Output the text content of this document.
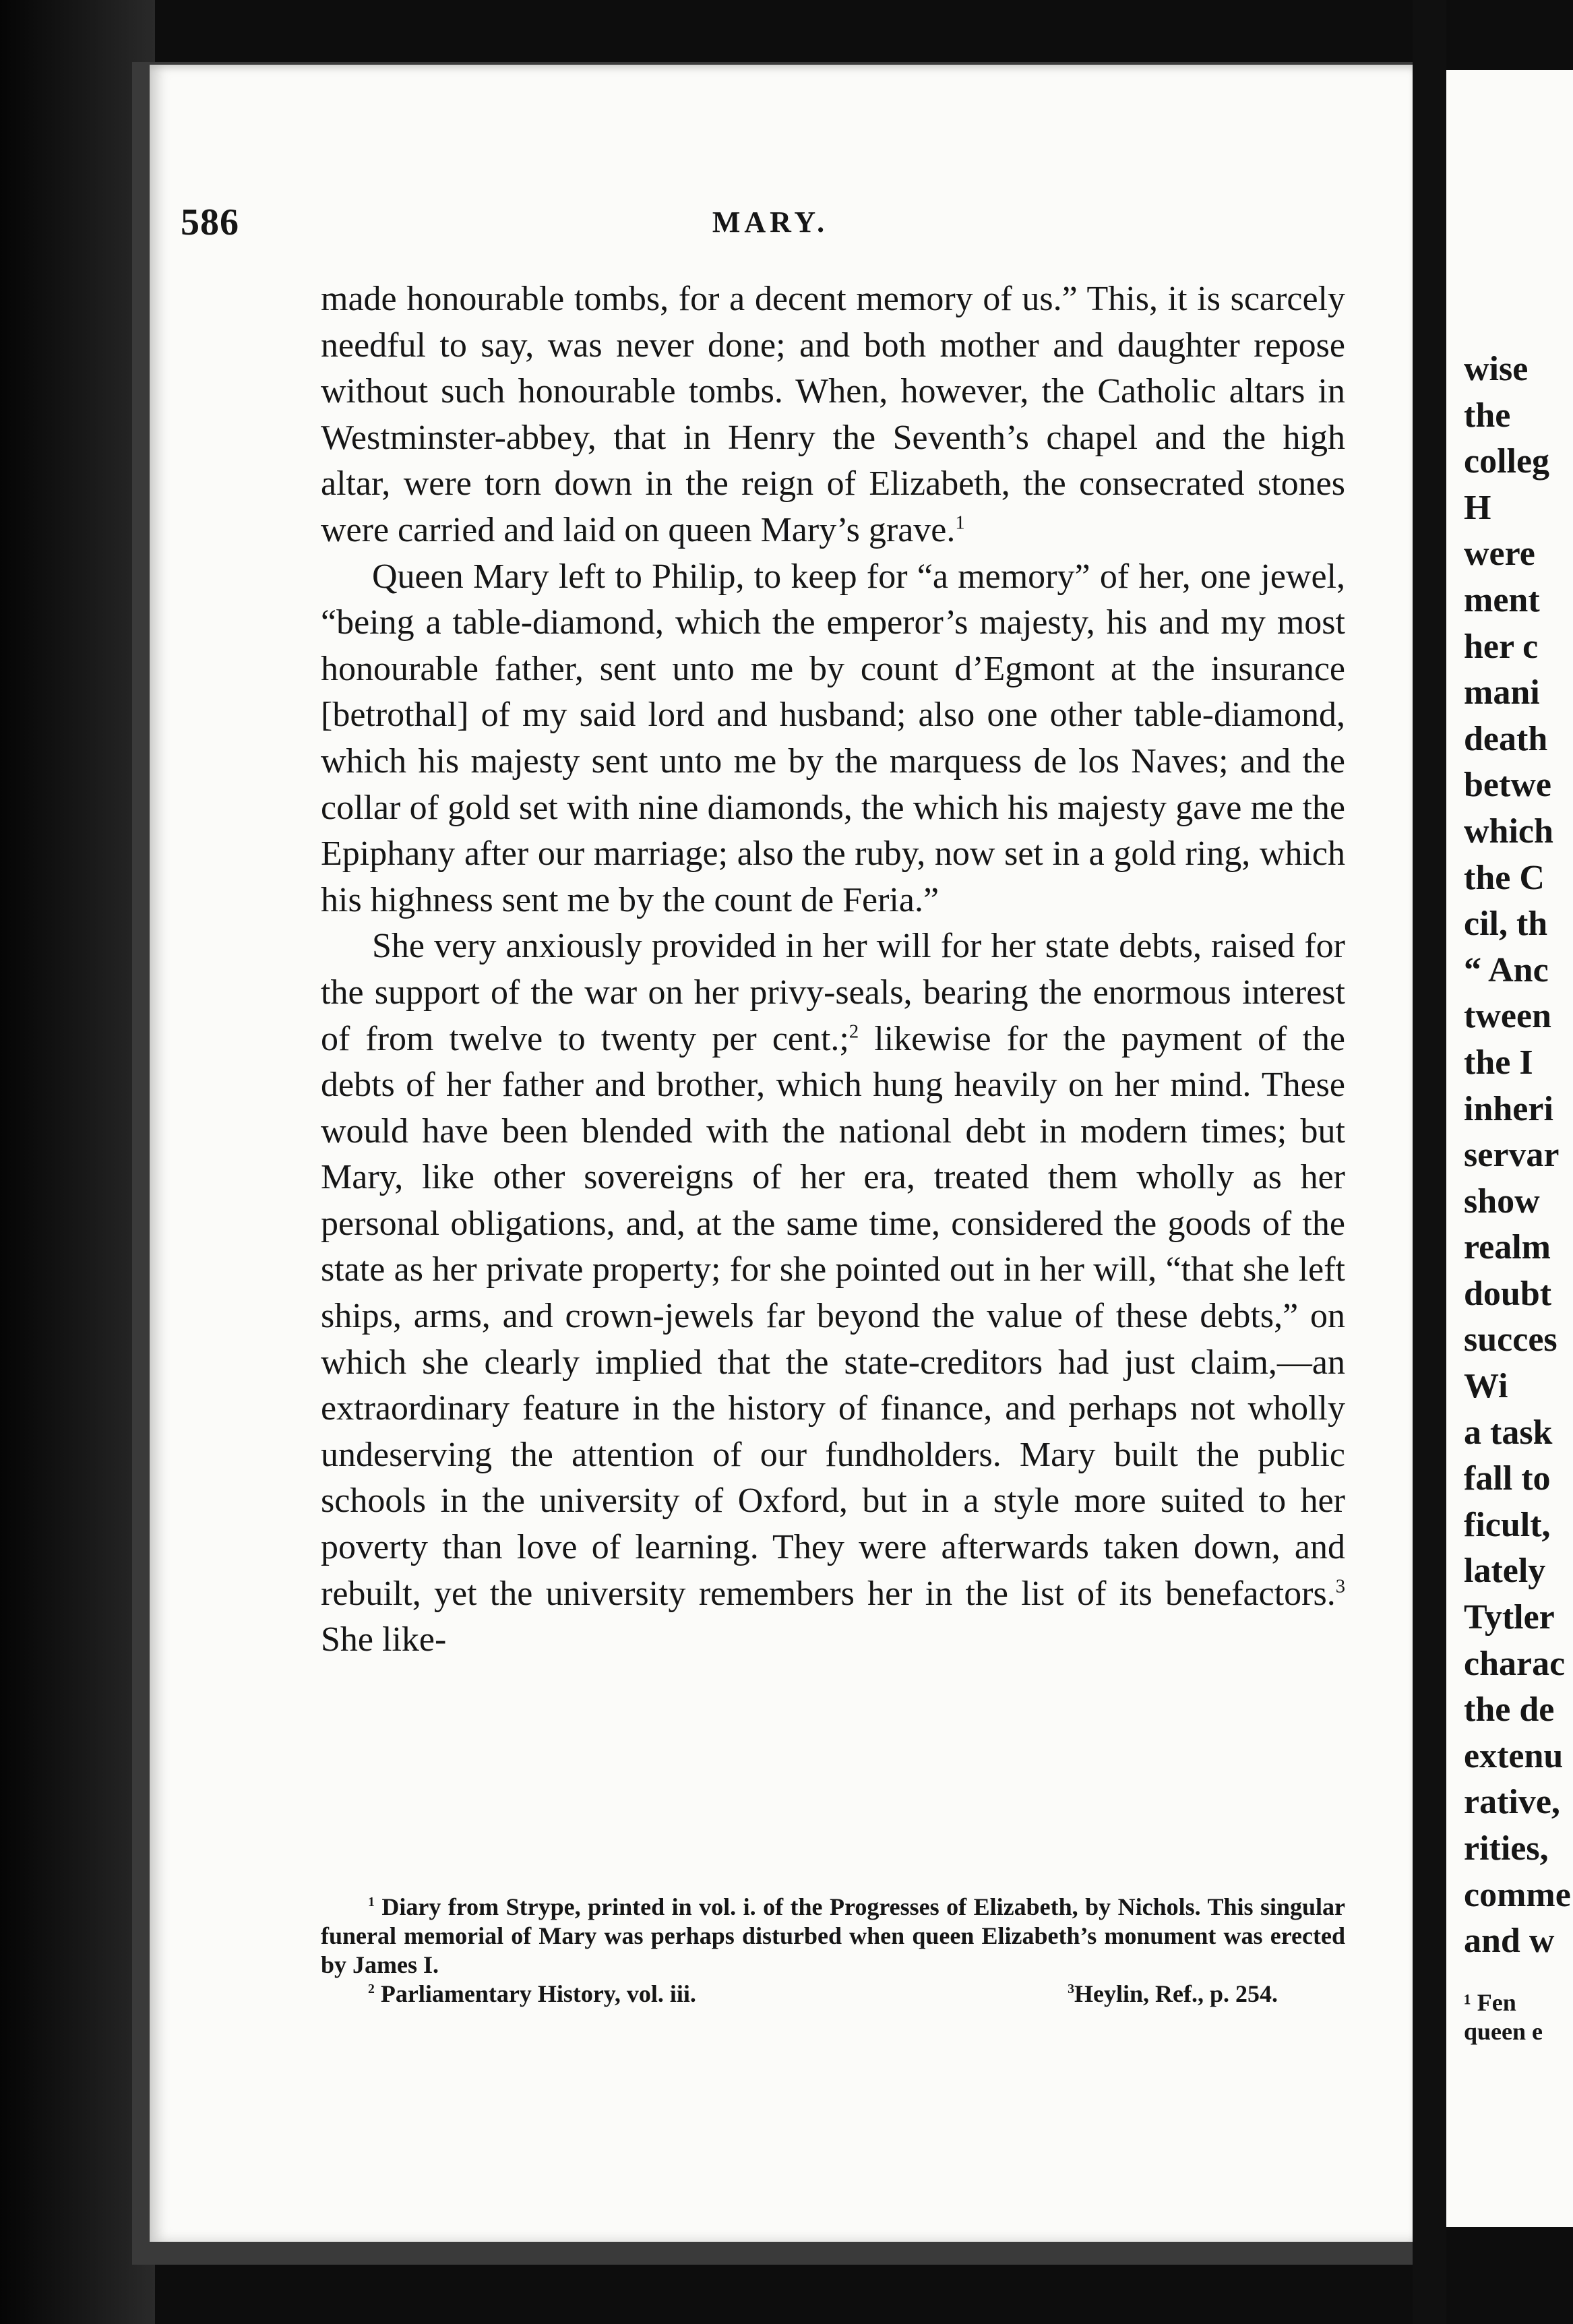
wise
the
colleg
H
were
ment
her c
mani
death
betwe
which
the C
cil, th
“ Anc
tween
the I
inheri
servar
show
realm
doubt
succes
Wi
a task
fall to
ficult,
lately
Tytler
charac
the de
extenu
rative,
rities,
comme
and w
¹ Fen
queen e
586	MARY.

made honourable tombs, for a decent memory of us.” This, it is scarcely needful to say, was never done; and both mother and daughter repose without such honourable tombs. When, however, the Catholic altars in Westminster-abbey, that in Henry the Seventh’s chapel and the high altar, were torn down in the reign of Elizabeth, the consecrated stones were carried and laid on queen Mary’s grave.$^1$

Queen Mary left to Philip, to keep for “a memory” of her, one jewel, “being a table-diamond, which the emperor’s majesty, his and my most honourable father, sent unto me by count d’Egmont at the insurance [betrothal] of my said lord and husband; also one other table-diamond, which his majesty sent unto me by the marquess de los Naves; and the collar of gold set with nine diamonds, the which his majesty gave me the Epiphany after our marriage; also the ruby, now set in a gold ring, which his highness sent me by the count de Feria.”

She very anxiously provided in her will for her state debts, raised for the support of the war on her privy-seals, bearing the enormous interest of from twelve to twenty per cent.;$^2$ likewise for the payment of the debts of her father and brother, which hung heavily on her mind. These would have been blended with the national debt in modern times; but Mary, like other sovereigns of her era, treated them wholly as her personal obligations, and, at the same time, considered the goods of the state as her private property; for she pointed out in her will, “that she left ships, arms, and crown-jewels far beyond the value of these debts,” on which she clearly implied that the state-creditors had just claim,—an extraordinary feature in the history of finance, and perhaps not wholly undeserving the attention of our fundholders. Mary built the public schools in the university of Oxford, but in a style more suited to her poverty than love of learning. They were afterwards taken down, and rebuilt, yet the university remembers her in the list of its benefactors.$^3$ She like-

$^1$ Diary from Strype, printed in vol. i. of the Progresses of Elizabeth, by Nichols. This singular funeral memorial of Mary was perhaps disturbed when queen Elizabeth’s monument was erected by James I.

$^2$ Parliamentary History, vol. iii.	$^3$Heylin, Ref., p. 254.
